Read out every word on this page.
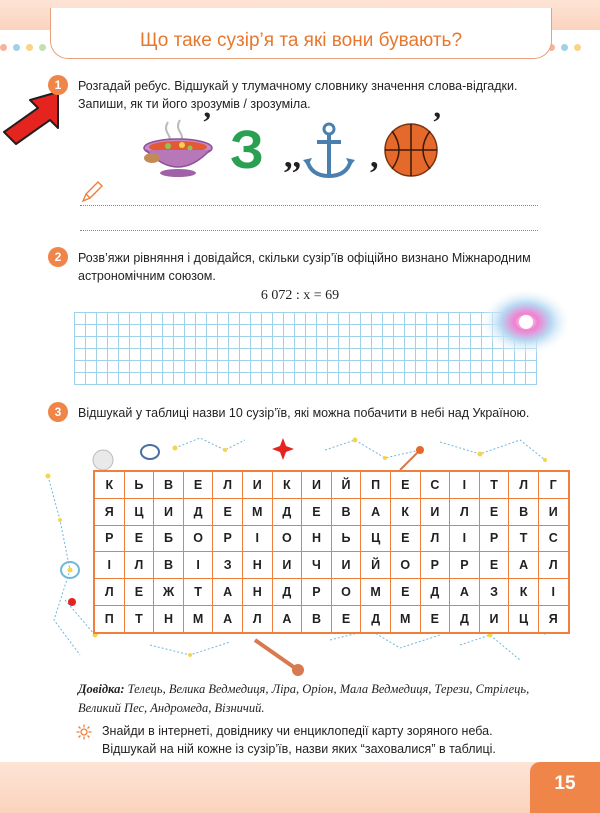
Що таке сузір’я та які вони бувають?
1	Розгадай ребус. Відшукай у тлумачному словнику значення слова-відгадки. Запиши, як ти його зрозумів / зрозуміла.
’ З ,, ,
’
2	Розв’яжи рівняння і довідайся, скільки сузір’їв офіційно визнано Міжнародним астрономічним союзом.
6 072 : x = 69
3	Відшукай у таблиці назви 10 сузір’їв, які можна побачити в небі над Україною.
К	Ь	В	Е	Л	И	К	И	Й	П	Е	С	І	Т	Л	Г
Я	Ц	И	Д	Е	М	Д	Е	В	А	К	И	Л	Е	В	И
Р	Е	Б	О	Р	І	О	Н	Ь	Ц	Е	Л	І	Р	Т	С
І	Л	В	І	З	Н	И	Ч	И	Й	О	Р	Р	Е	А	Л
Л	Е	Ж	Т	А	Н	Д	Р	О	М	Е	Д	А	З	К	І
П	Т	Н	М	А	Л	А	В	Е	Д	М	Е	Д	И	Ц	Я
Довідка: Телець, Велика Ведмедиця, Ліра, Оріон, Мала Ведмедиця, Терези, Стрілець, Великий Пес, Андромеда, Візничий.
Знайди в інтернеті, довіднику чи енциклопедії карту зоряного неба. Відшукай на ній кожне із сузір’їв, назви яких “заховалися” в таблиці.
15
